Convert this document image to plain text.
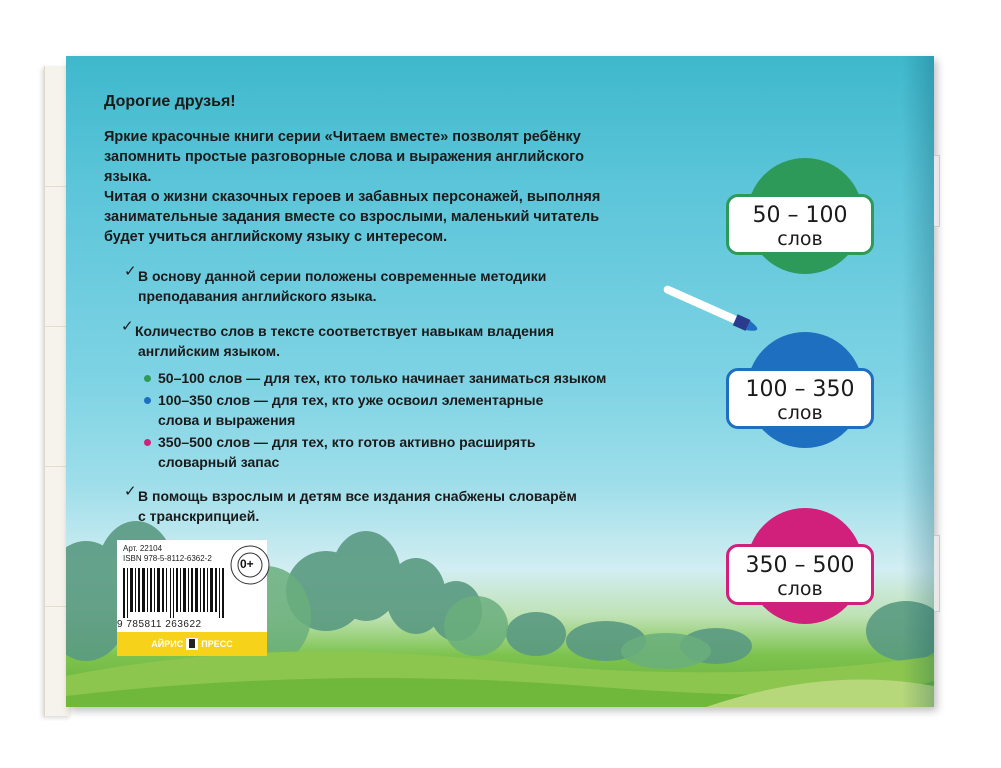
Дорогие друзья!

Яркие красочные книги серии «Читаем вместе» позволят ребёнку

запомнить простые разговорные слова и выражения английского

языка.

Читая о жизни сказочных героев и забавных персонажей, выполняя

занимательные задания вместе со взрослыми, маленький читатель

будет учиться английскому языку с интересом.

✓ В основу данной серии положены современные методики
преподавания английского языка.
✓ Количество слов в тексте соответствует навыкам владения
английским языком.
50–100 слов — для тех, кто только начинает заниматься языком
100–350 слов — для тех, кто уже освоил элементарные
слова и выражения
350–500 слов — для тех, кто готов активно расширять
словарный запас
✓ В помощь взрослым и детям все издания снабжены словарём
с транскрипцией.
50 – 100
слов
100 – 350
слов
350 – 500
слов
Арт. 22104
ISBN 978-5-8112-6362-2
9 785811 263622
АЙРИС ПРЕСС
0+
